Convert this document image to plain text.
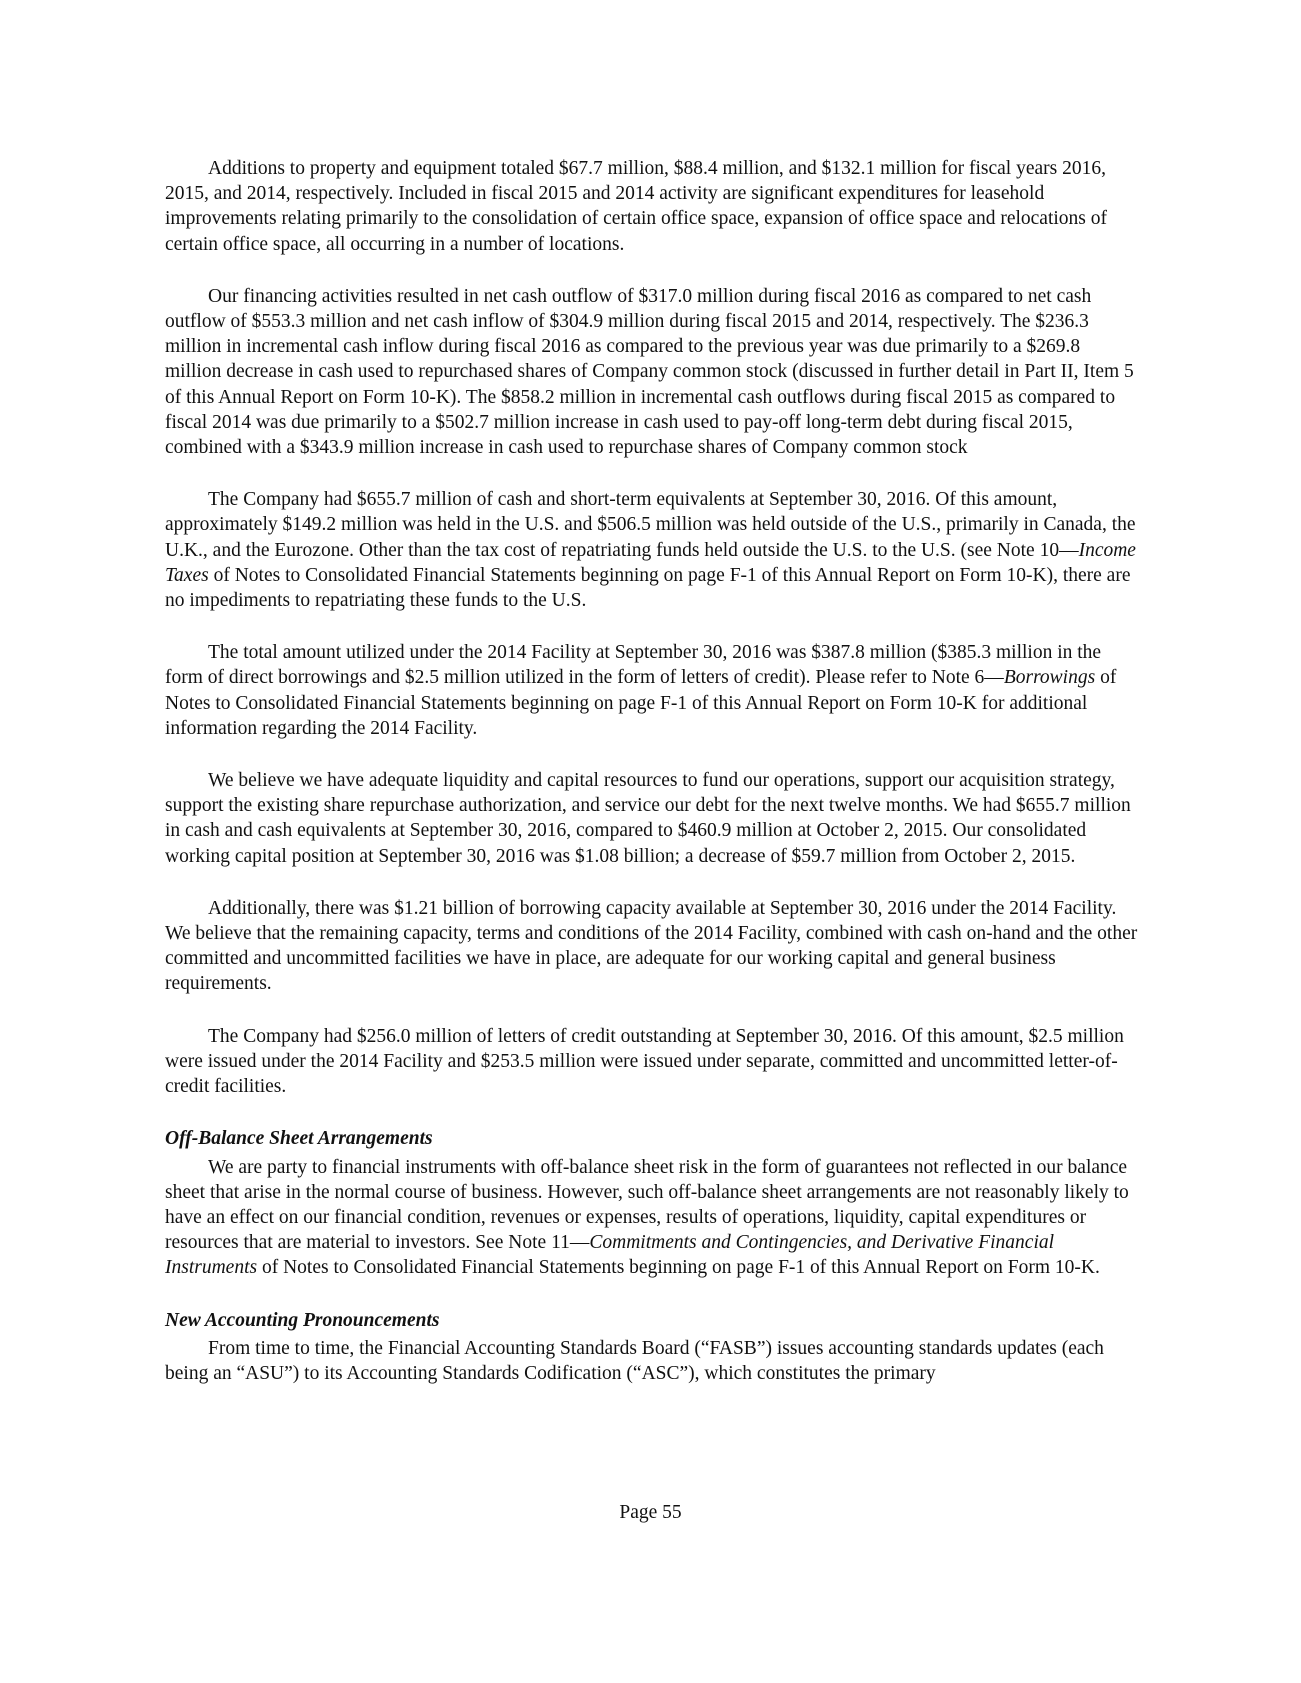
Additions to property and equipment totaled $67.7 million, $88.4 million, and $132.1 million for fiscal years 2016, 2015, and 2014, respectively. Included in fiscal 2015 and 2014 activity are significant expenditures for leasehold improvements relating primarily to the consolidation of certain office space, expansion of office space and relocations of certain office space, all occurring in a number of locations.

Our financing activities resulted in net cash outflow of $317.0 million during fiscal 2016 as compared to net cash outflow of $553.3 million and net cash inflow of $304.9 million during fiscal 2015 and 2014, respectively. The $236.3 million in incremental cash inflow during fiscal 2016 as compared to the previous year was due primarily to a $269.8 million decrease in cash used to repurchased shares of Company common stock (discussed in further detail in Part II, Item 5 of this Annual Report on Form 10-K). The $858.2 million in incremental cash outflows during fiscal 2015 as compared to fiscal 2014 was due primarily to a $502.7 million increase in cash used to pay-off long-term debt during fiscal 2015, combined with a $343.9 million increase in cash used to repurchase shares of Company common stock

The Company had $655.7 million of cash and short-term equivalents at September 30, 2016. Of this amount, approximately $149.2 million was held in the U.S. and $506.5 million was held outside of the U.S., primarily in Canada, the U.K., and the Eurozone. Other than the tax cost of repatriating funds held outside the U.S. to the U.S. (see Note 10—Income Taxes of Notes to Consolidated Financial Statements beginning on page F-1 of this Annual Report on Form 10-K), there are no impediments to repatriating these funds to the U.S.

The total amount utilized under the 2014 Facility at September 30, 2016 was $387.8 million ($385.3 million in the form of direct borrowings and $2.5 million utilized in the form of letters of credit). Please refer to Note 6—Borrowings of Notes to Consolidated Financial Statements beginning on page F-1 of this Annual Report on Form 10-K for additional information regarding the 2014 Facility.

We believe we have adequate liquidity and capital resources to fund our operations, support our acquisition strategy, support the existing share repurchase authorization, and service our debt for the next twelve months. We had $655.7 million in cash and cash equivalents at September 30, 2016, compared to $460.9 million at October 2, 2015. Our consolidated working capital position at September 30, 2016 was $1.08 billion; a decrease of $59.7 million from October 2, 2015.

Additionally, there was $1.21 billion of borrowing capacity available at September 30, 2016 under the 2014 Facility. We believe that the remaining capacity, terms and conditions of the 2014 Facility, combined with cash on-hand and the other committed and uncommitted facilities we have in place, are adequate for our working capital and general business requirements.

The Company had $256.0 million of letters of credit outstanding at September 30, 2016. Of this amount, $2.5 million were issued under the 2014 Facility and $253.5 million were issued under separate, committed and uncommitted letter-of-credit facilities.

Off-Balance Sheet Arrangements

We are party to financial instruments with off-balance sheet risk in the form of guarantees not reflected in our balance sheet that arise in the normal course of business. However, such off-balance sheet arrangements are not reasonably likely to have an effect on our financial condition, revenues or expenses, results of operations, liquidity, capital expenditures or resources that are material to investors. See Note 11—Commitments and Contingencies, and Derivative Financial Instruments of Notes to Consolidated Financial Statements beginning on page F-1 of this Annual Report on Form 10-K.

New Accounting Pronouncements

From time to time, the Financial Accounting Standards Board (“FASB”) issues accounting standards updates (each being an “ASU”) to its Accounting Standards Codification (“ASC”), which constitutes the primary

Page 55
